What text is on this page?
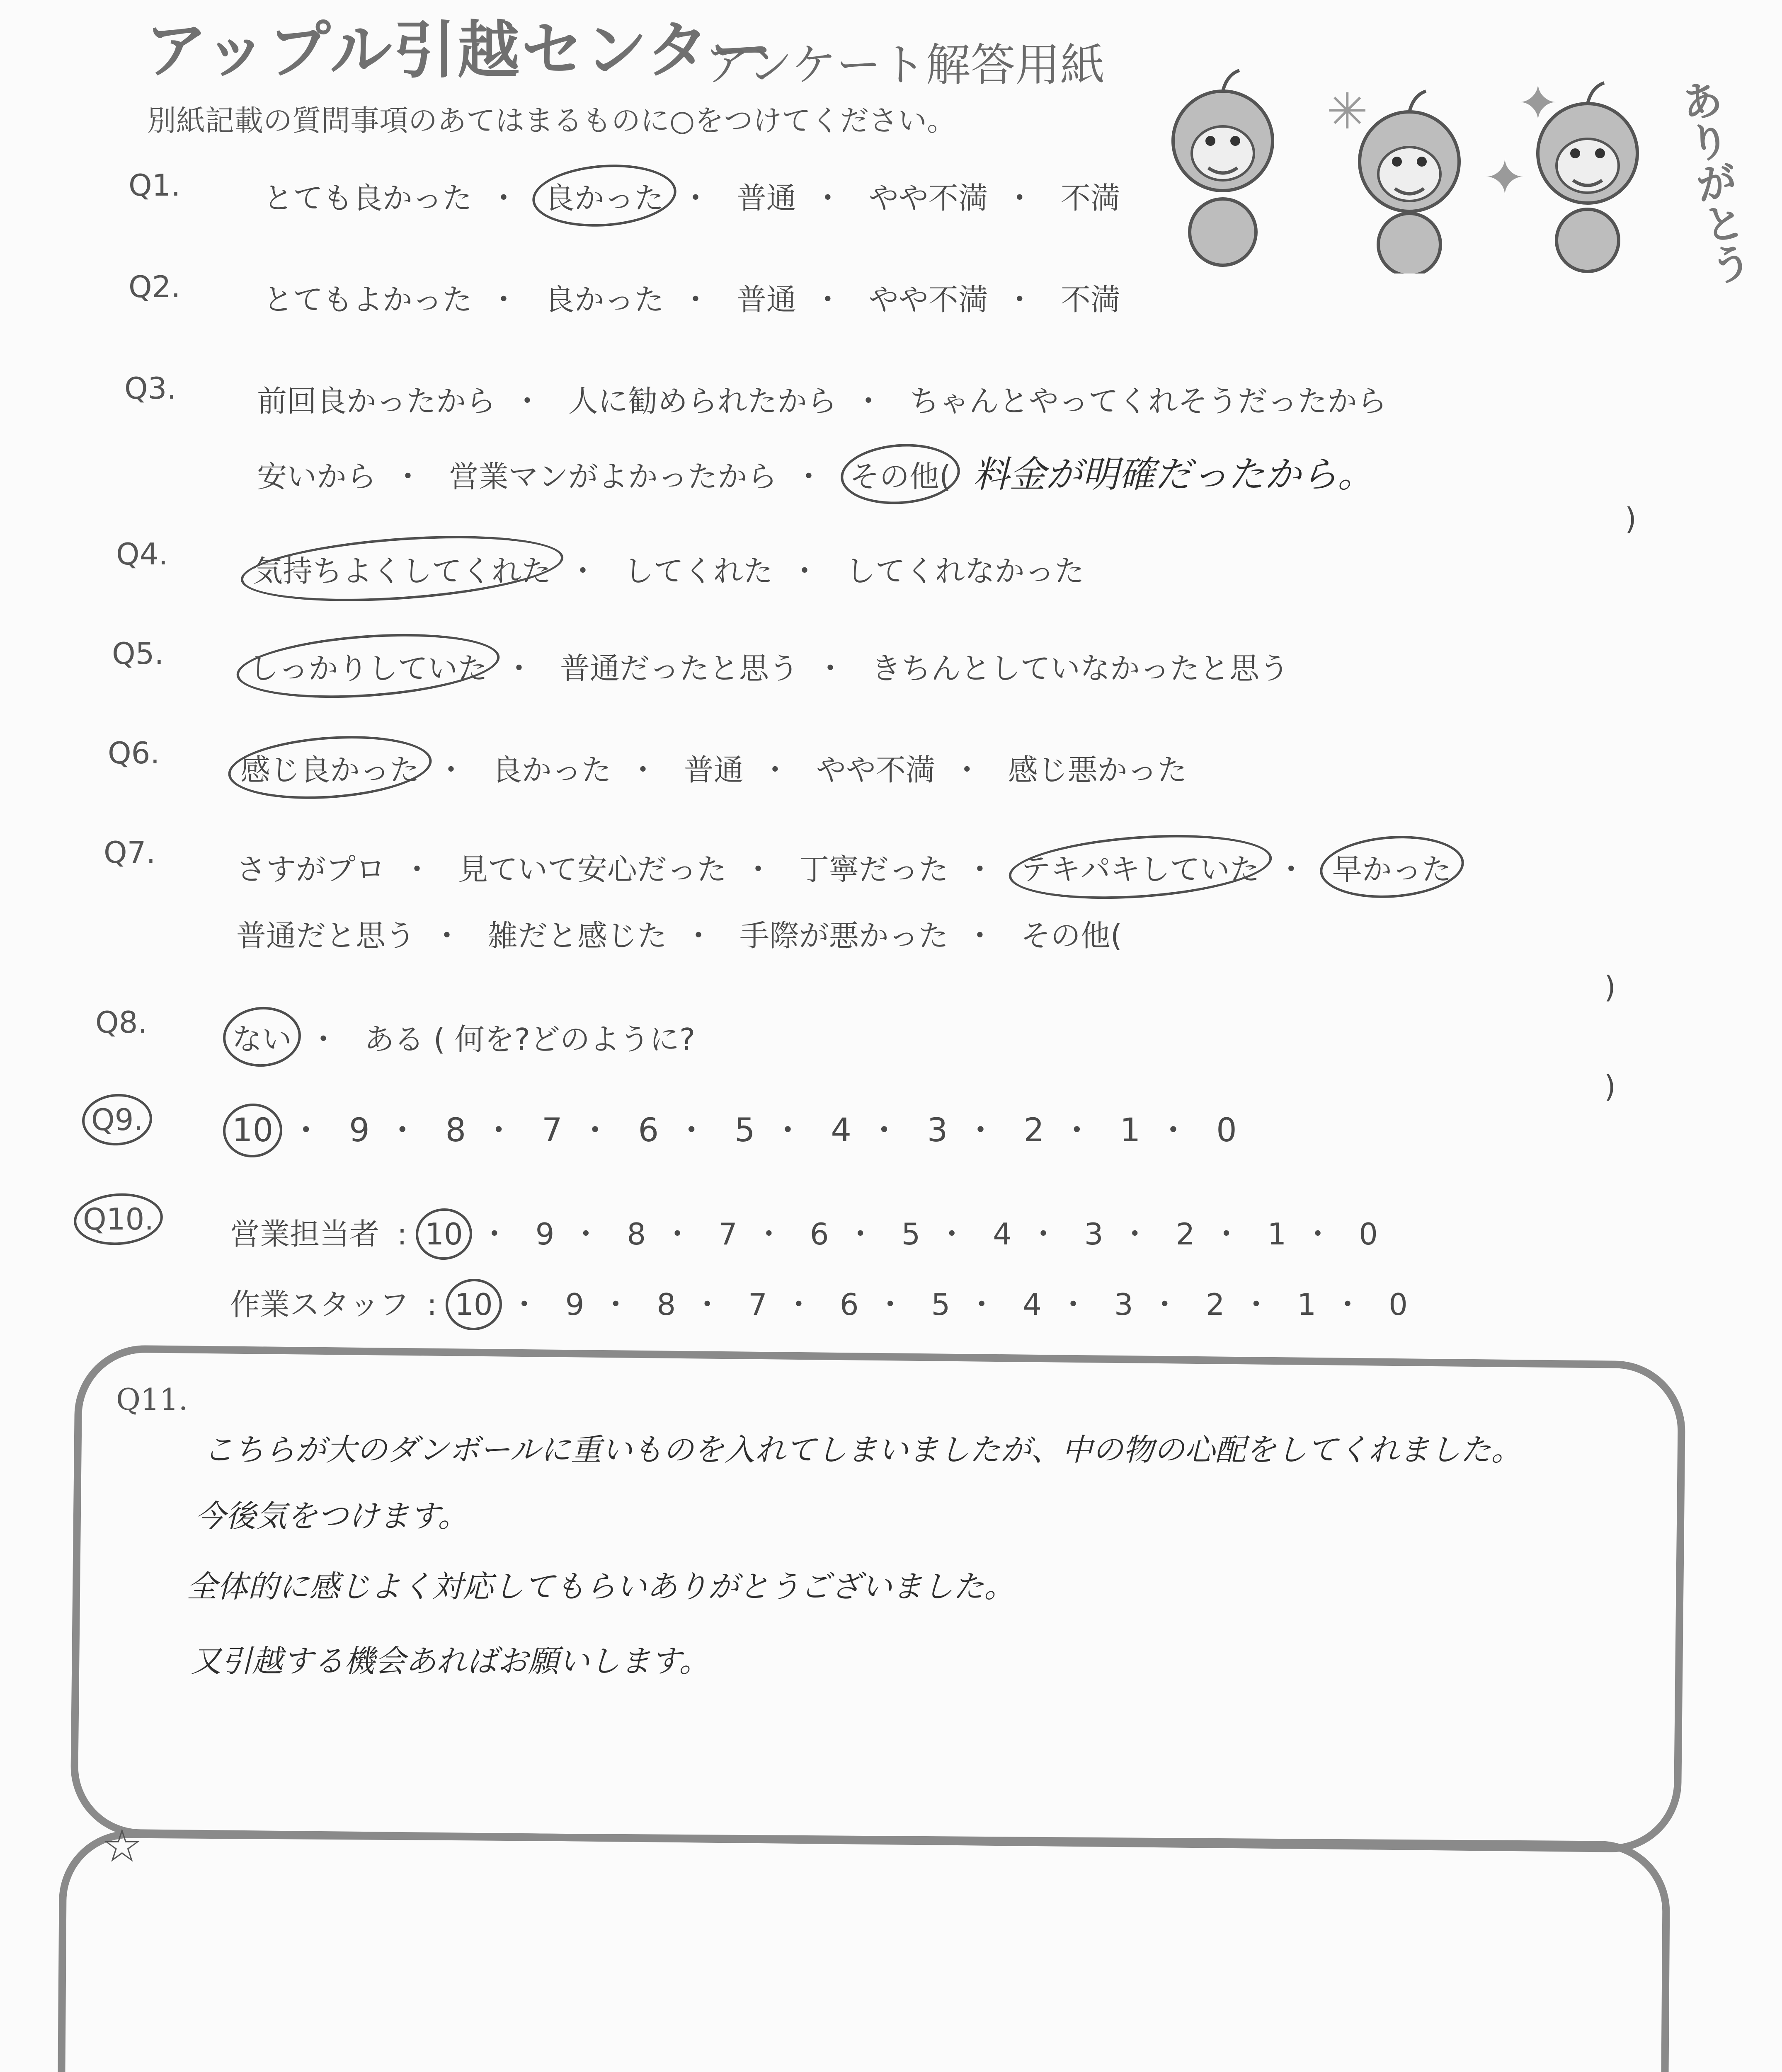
アップル引越センター
アンケート解答用紙
別紙記載の質問事項のあてはまるものに○をつけてください。	✦
✦
✳	ありがとう
Q1.	とても良かった ・ 良かった ・ 普通 ・ やや不満 ・ 不満
Q2.	とてもよかった ・ 良かった ・ 普通 ・ やや不満 ・ 不満
Q3.	前回良かったから ・ 人に勧められたから ・ ちゃんとやってくれそうだったから
安いから ・ 営業マンがよかったから ・ その他( 料金が明確だったから。
)
Q4.	気持ちよくしてくれた ・ してくれた ・ してくれなかった
Q5.	しっかりしていた ・ 普通だったと思う ・ きちんとしていなかったと思う
Q6.	感じ良かった ・ 良かった ・ 普通 ・ やや不満 ・ 感じ悪かった
Q7.	さすがプロ ・ 見ていて安心だった ・ 丁寧だった ・ テキパキしていた ・ 早かった
普通だと思う ・ 雑だと感じた ・ 手際が悪かった ・ その他(
)
Q8.	ない ・ ある ( 何を?どのように?
)
Q9.	10 ・ 9 ・ 8 ・ 7 ・ 6 ・ 5 ・ 4 ・ 3 ・ 2 ・ 1 ・ 0
Q10.	営業担当者 : 10 ・ 9 ・ 8 ・ 7 ・ 6 ・ 5 ・ 4 ・ 3 ・ 2 ・ 1 ・ 0
作業スタッフ : 10 ・ 9 ・ 8 ・ 7 ・ 6 ・ 5 ・ 4 ・ 3 ・ 2 ・ 1 ・ 0
Q11.
こちらが大のダンボールに重いものを入れてしまいましたが、中の物の心配をしてくれました。
今後気をつけます。
全体的に感じよく対応してもらいありがとうございました。
又引越する機会あればお願いします。
☆
